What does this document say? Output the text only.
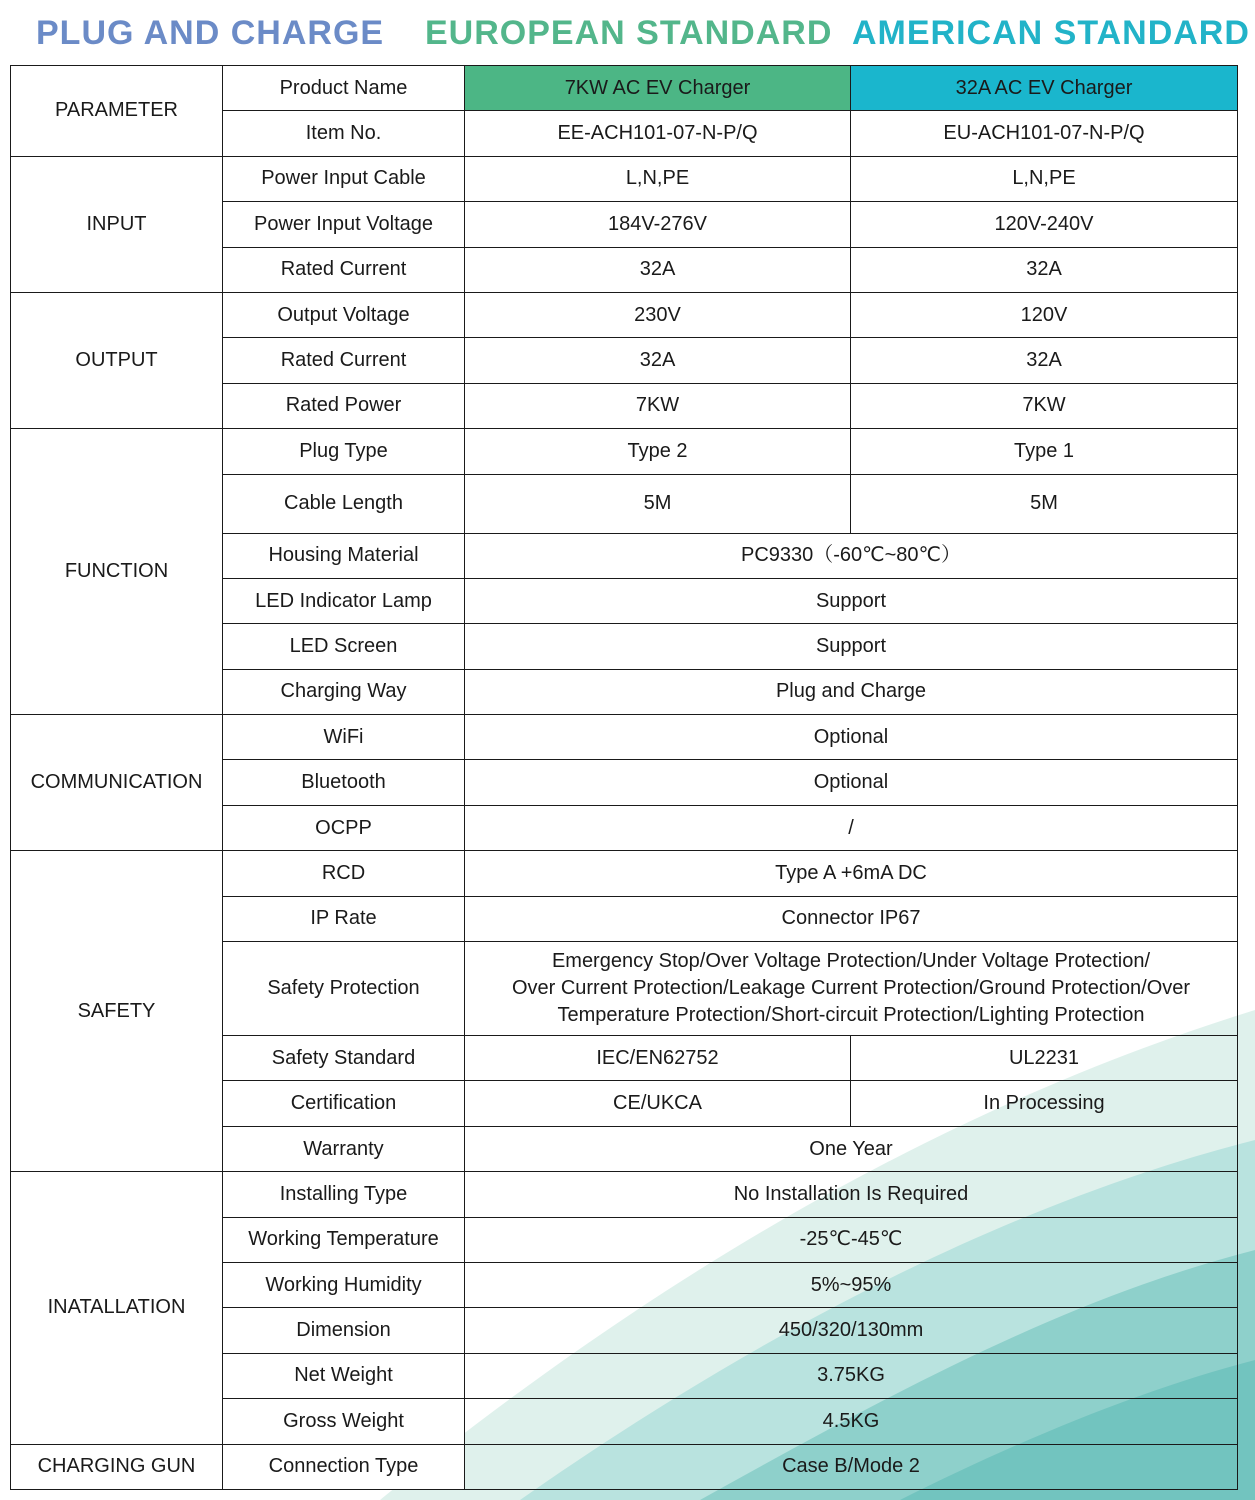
PLUG AND CHARGE EUROPEAN STANDARD AMERICAN STANDARD
PARAMETER	Product Name	7KW AC EV Charger	32A AC EV Charger
	Item No.	EE-ACH101-07-N-P/Q	EU-ACH101-07-N-P/Q
INPUT	Power Input Cable	L,N,PE	L,N,PE
	Power Input Voltage	184V-276V	120V-240V
	Rated Current	32A	32A
OUTPUT	Output Voltage	230V	120V
	Rated Current	32A	32A
	Rated Power	7KW	7KW
FUNCTION	Plug Type	Type 2	Type 1
	Cable Length	5M	5M
	Housing Material	PC9330（-60℃~80℃）	
	LED Indicator Lamp	Support	
	LED Screen	Support	
	Charging Way	Plug and Charge	
COMMUNICATION	WiFi	Optional	
	Bluetooth	Optional	
	OCPP	/	
SAFETY	RCD	Type A +6mA DC	
	IP Rate	Connector IP67	
	Safety Protection	Emergency Stop/Over Voltage Protection/Under Voltage Protection/
Over Current Protection/Leakage Current Protection/Ground Protection/Over
Temperature Protection/Short-circuit Protection/Lighting Protection	

	Safety Standard	IEC/EN62752	UL2231
	Certification	CE/UKCA	In Processing
	Warranty	One Year	
INATALLATION	Installing Type	No Installation Is Required	
	Working Temperature	-25℃-45℃	
	Working Humidity	5%~95%	
	Dimension	450/320/130mm	
	Net Weight	3.75KG	
	Gross Weight	4.5KG	
CHARGING GUN	Connection Type	Case B/Mode 2	
